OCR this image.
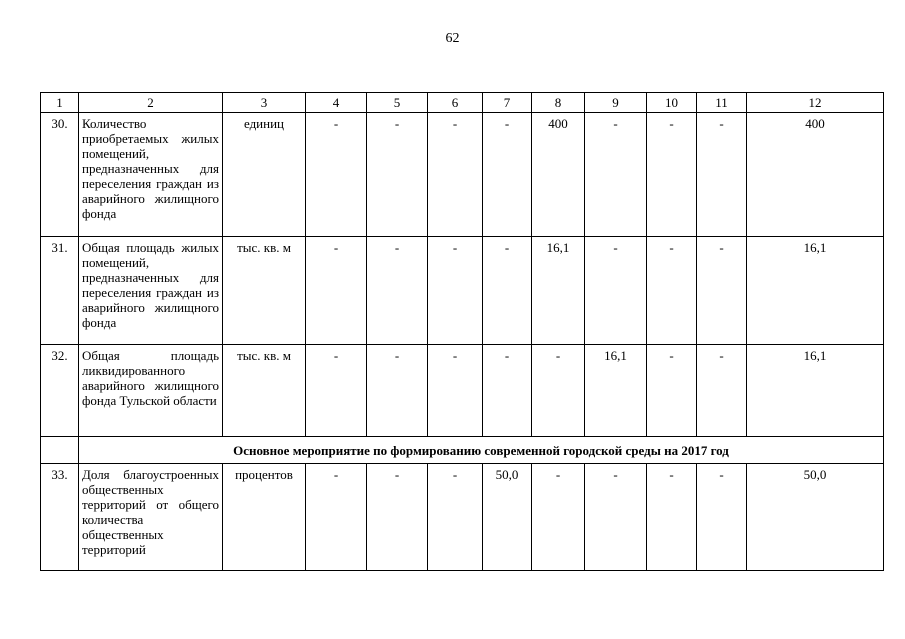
62
1	2	3	4	5	6	7	8	9	10	11	12
30.	Количество приобретаемых жилых помещений, предназначенных для переселения граждан из аварийного жилищного фонда	единиц	-	-	-	-	400	-	-	-	400
31.	Общая площадь жилых помещений, предназначенных для переселения граждан из аварийного жилищного фонда	тыс. кв. м	-	-	-	-	16,1	-	-	-	16,1
32.	Общая площадь ликвидированного аварийного жилищного фонда Тульской области	тыс. кв. м	-	-	-	-	-	16,1	-	-	16,1
	Основное мероприятие по формированию современной городской среды на 2017 год										
33.	Доля благоустроенных общественных территорий от общего количества общественных территорий	процентов	-	-	-	50,0	-	-	-	-	50,0
